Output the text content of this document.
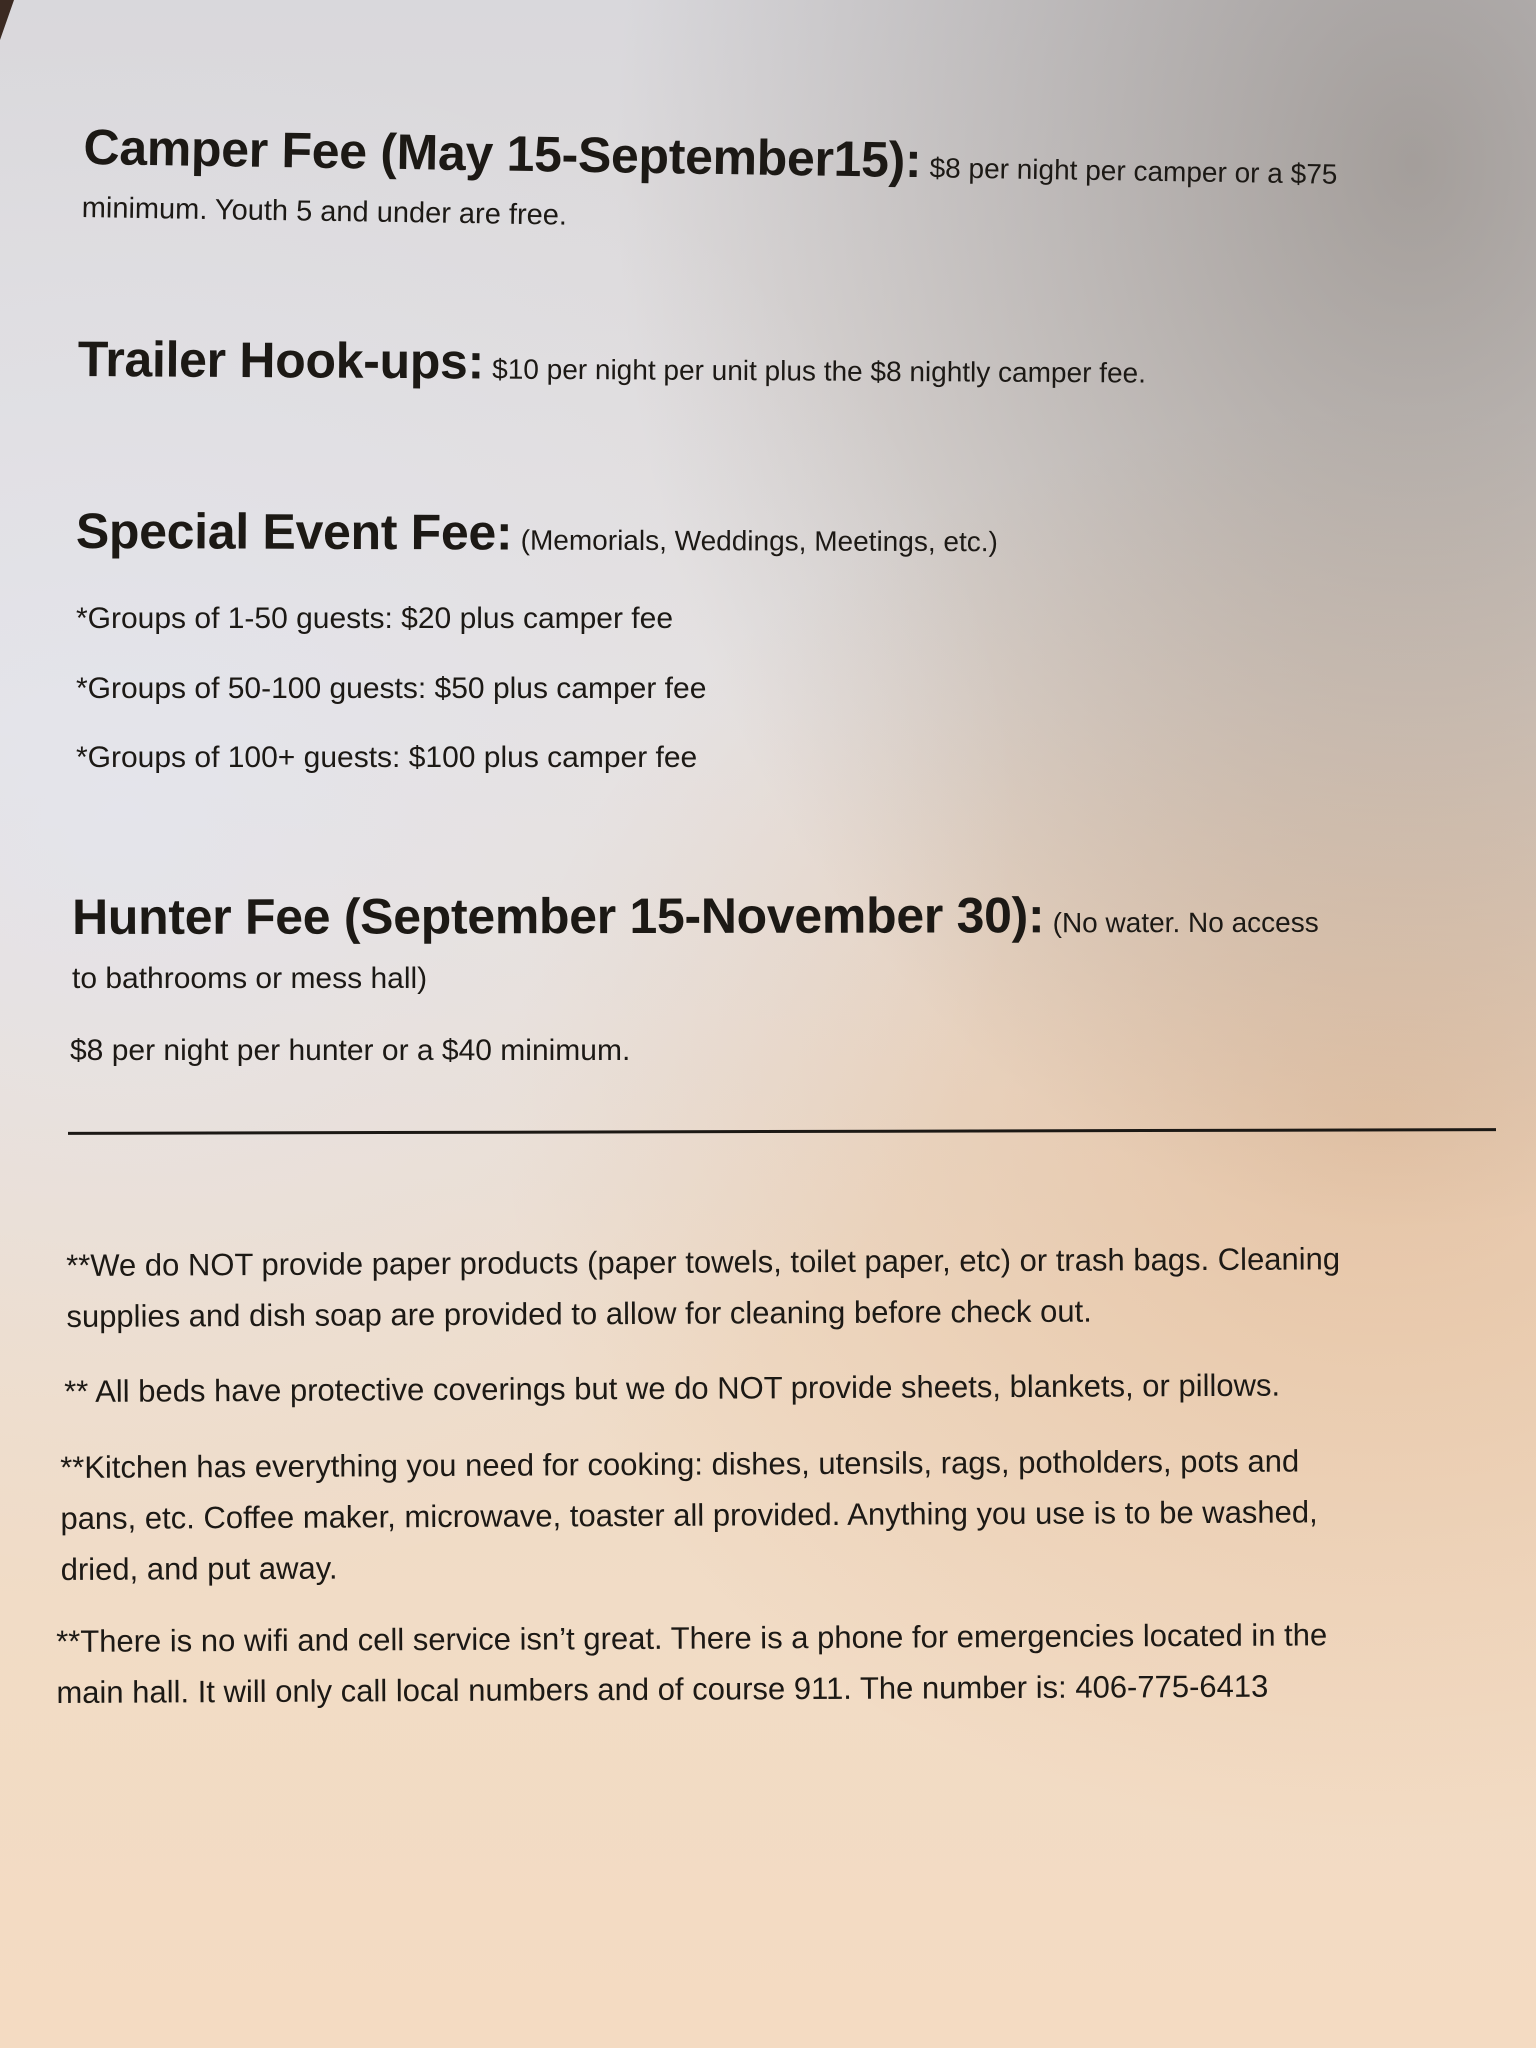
Camper Fee (May 15-September15): $8 per night per camper or a $75
minimum. Youth 5 and under are free.
Trailer Hook-ups: $10 per night per unit plus the $8 nightly camper fee.
Special Event Fee: (Memorials, Weddings, Meetings, etc.)
*Groups of 1-50 guests: $20 plus camper fee
*Groups of 50-100 guests: $50 plus camper fee
*Groups of 100+ guests: $100 plus camper fee
Hunter Fee (September 15-November 30): (No water. No access
to bathrooms or mess hall)
$8 per night per hunter or a $40 minimum.
**We do NOT provide paper products (paper towels, toilet paper, etc) or trash bags. Cleaning
supplies and dish soap are provided to allow for cleaning before check out.
** All beds have protective coverings but we do NOT provide sheets, blankets, or pillows.
**Kitchen has everything you need for cooking: dishes, utensils, rags, potholders, pots and
pans, etc. Coffee maker, microwave, toaster all provided. Anything you use is to be washed,
dried, and put away.
**There is no wifi and cell service isn’t great. There is a phone for emergencies located in the
main hall. It will only call local numbers and of course 911. The number is: 406-775-6413
